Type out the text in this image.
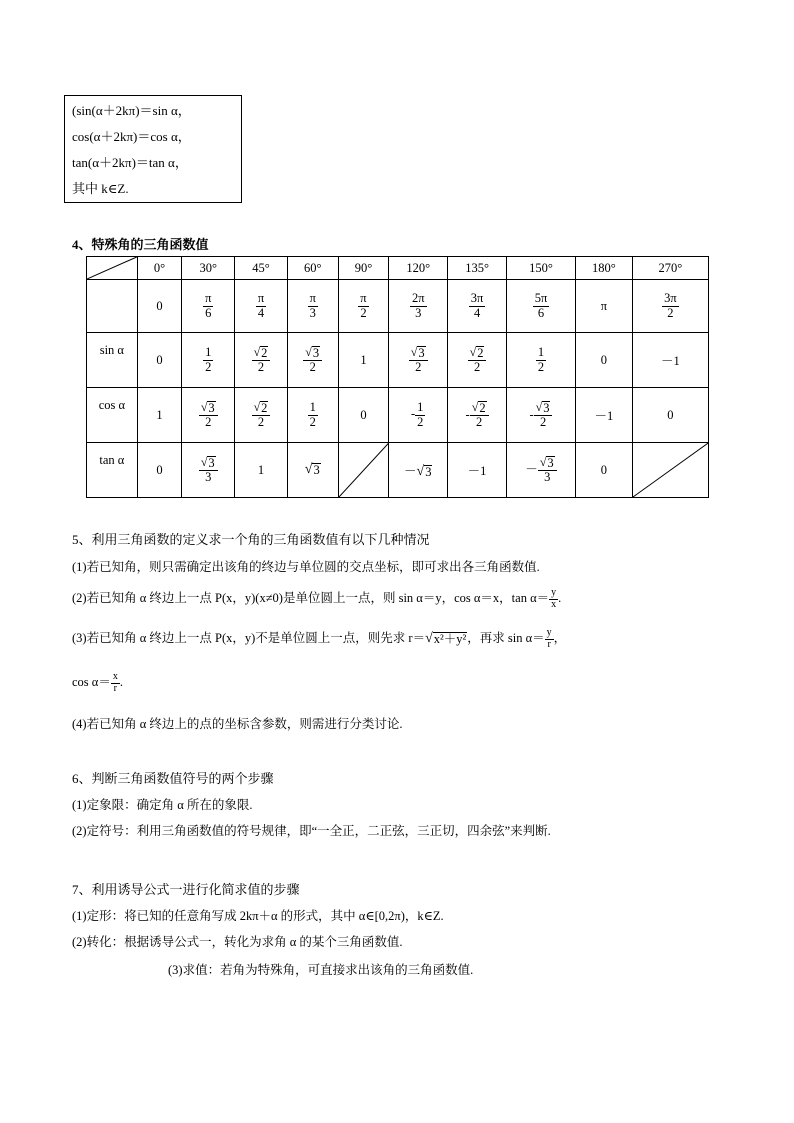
(sin(α＋2kπ)＝sin α，
cos(α＋2kπ)＝cos α，
tan(α＋2kπ)＝tan α，
其中 k∈Z.
4、特殊角的三角函数值
	0°	30°	45°	60°	90°	120°	135°	150°	180°	270°
	0	$\frac{\pi}{6}$	$\frac{\pi}{4}$	$\frac{\pi}{3}$	$\frac{\pi}{2}$	$\frac{2\pi}{3}$	$\frac{3\pi}{4}$	$\frac{5\pi}{6}$	π	$\frac{3\pi}{2}$

sin α	0	$\frac{1}{2}$	$\frac{√ 2}{2}$	$\frac{√ 3}{2}$	1	$\frac{√ 3}{2}$	$\frac{√ 2}{2}$	$\frac{1}{2}$	0	－1
cos α	1	$\frac{√ 3}{2}$	$\frac{√ 2}{2}$	$\frac{1}{2}$	0	- $\frac{1}{2}$	- $\frac{√ 2}{2}$	- $\frac{√ 3}{2}$	－1	0
tan α	0	$\frac{√ 3}{3}$	1	√ 3		－ √ 3	－1	－ $\frac{√ 3}{3}$	0	
5、利用三角函数的定义求一个角的三角函数值有以下几种情况
(1)若已知角，则只需确定出该角的终边与单位圆的交点坐标，即可求出各三角函数值.
(2)若已知角 α 终边上一点 P(x，y)(x≠0)是单位圆上一点，则 sin α＝y，cos α＝x，$\tan \alpha= \frac{y}{x}$ .
(3)若已知角 α 终边上一点 P(x，y)不是单位圆上一点，则先求 r＝ √ x²＋y² ，再求 $\sin \alpha= \frac{y}{r}$ ，
$\cos \alpha= \frac{x}{r}$ .
(4)若已知角 α 终边上的点的坐标含参数，则需进行分类讨论.
6、判断三角函数值符号的两个步骤
(1)定象限：确定角 α 所在的象限.
(2)定符号：利用三角函数值的符号规律，即“一全正，二正弦，三正切，四余弦”来判断.
7、利用诱导公式一进行化简求值的步骤
(1)定形：将已知的任意角写成 2kπ＋α 的形式，其中 α∈[0,2π)，k∈Z.
(2)转化：根据诱导公式一，转化为求角 α 的某个三角函数值.
(3)求值：若角为特殊角，可直接求出该角的三角函数值.
